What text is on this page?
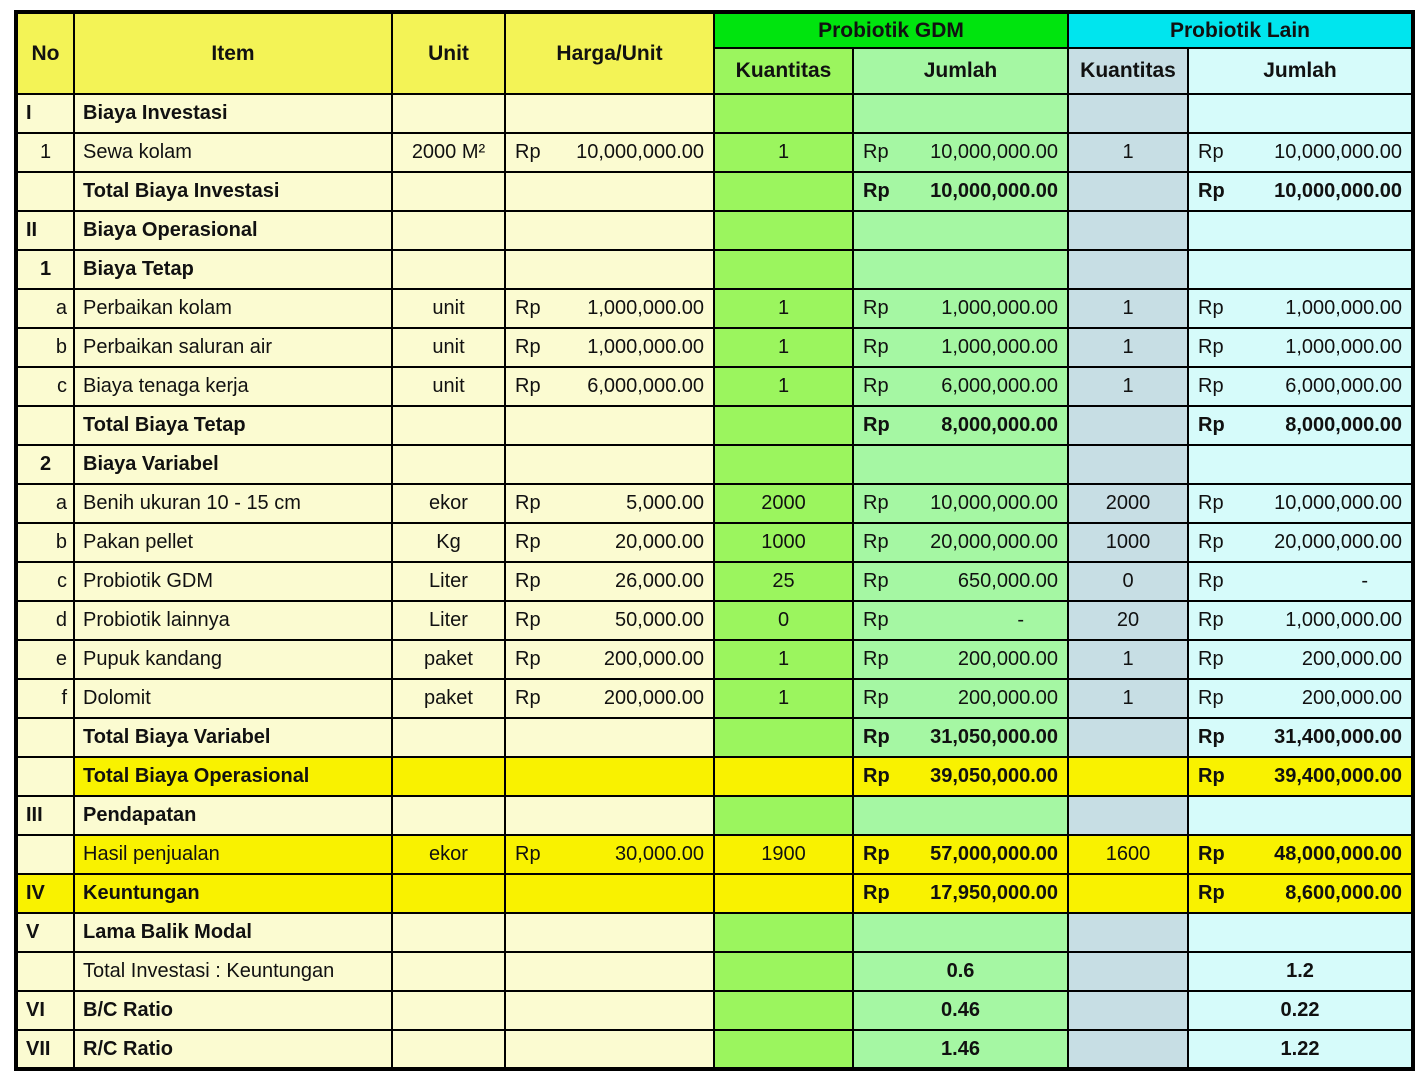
No	Item	Unit	Harga/Unit	Probiotik GDM		Probiotik Lain	
				Kuantitas	Jumlah	Kuantitas	Jumlah
I	Biaya Investasi		

1	Sewa kolam	2000 M²	Rp 10,000,000.00	1	Rp 10,000,000.00	1	Rp 10,000,000.00

	Total Biaya Investasi				Rp 10,000,000.00		Rp 10,000,000.00

II	Biaya Operasional		

1	Biaya Tetap		

a	Perbaikan kolam	unit	Rp 1,000,000.00	1	Rp 1,000,000.00	1	Rp 1,000,000.00

b	Perbaikan saluran air	unit	Rp 1,000,000.00	1	Rp 1,000,000.00	1	Rp 1,000,000.00

c	Biaya tenaga kerja	unit	Rp 6,000,000.00	1	Rp 6,000,000.00	1	Rp 6,000,000.00

	Total Biaya Tetap				Rp 8,000,000.00		Rp 8,000,000.00

2	Biaya Variabel		

a	Benih ukuran 10 - 15 cm	ekor	Rp 5,000.00	2000	Rp 10,000,000.00	2000	Rp 10,000,000.00

b	Pakan pellet	Kg	Rp 20,000.00	1000	Rp 20,000,000.00	1000	Rp 20,000,000.00

c	Probiotik GDM	Liter	Rp 26,000.00	25	Rp 650,000.00	0	Rp -

d	Probiotik lainnya	Liter	Rp 50,000.00	0	Rp -	20	Rp 1,000,000.00

e	Pupuk kandang	paket	Rp 200,000.00	1	Rp 200,000.00	1	Rp 200,000.00

f	Dolomit	paket	Rp 200,000.00	1	Rp 200,000.00	1	Rp 200,000.00

	Total Biaya Variabel				Rp 31,050,000.00		Rp 31,400,000.00

	Total Biaya Operasional				Rp 39,050,000.00		Rp 39,400,000.00

III	Pendapatan		

	Hasil penjualan	ekor	Rp 30,000.00	1900	Rp 57,000,000.00	1600	Rp 48,000,000.00

IV	Keuntungan				Rp 17,950,000.00		Rp 8,600,000.00

V	Lama Balik Modal		

	Total Investasi : Keuntungan				0.6		1.2

VI	B/C Ratio				0.46		0.22

VII	R/C Ratio				1.46		1.22
